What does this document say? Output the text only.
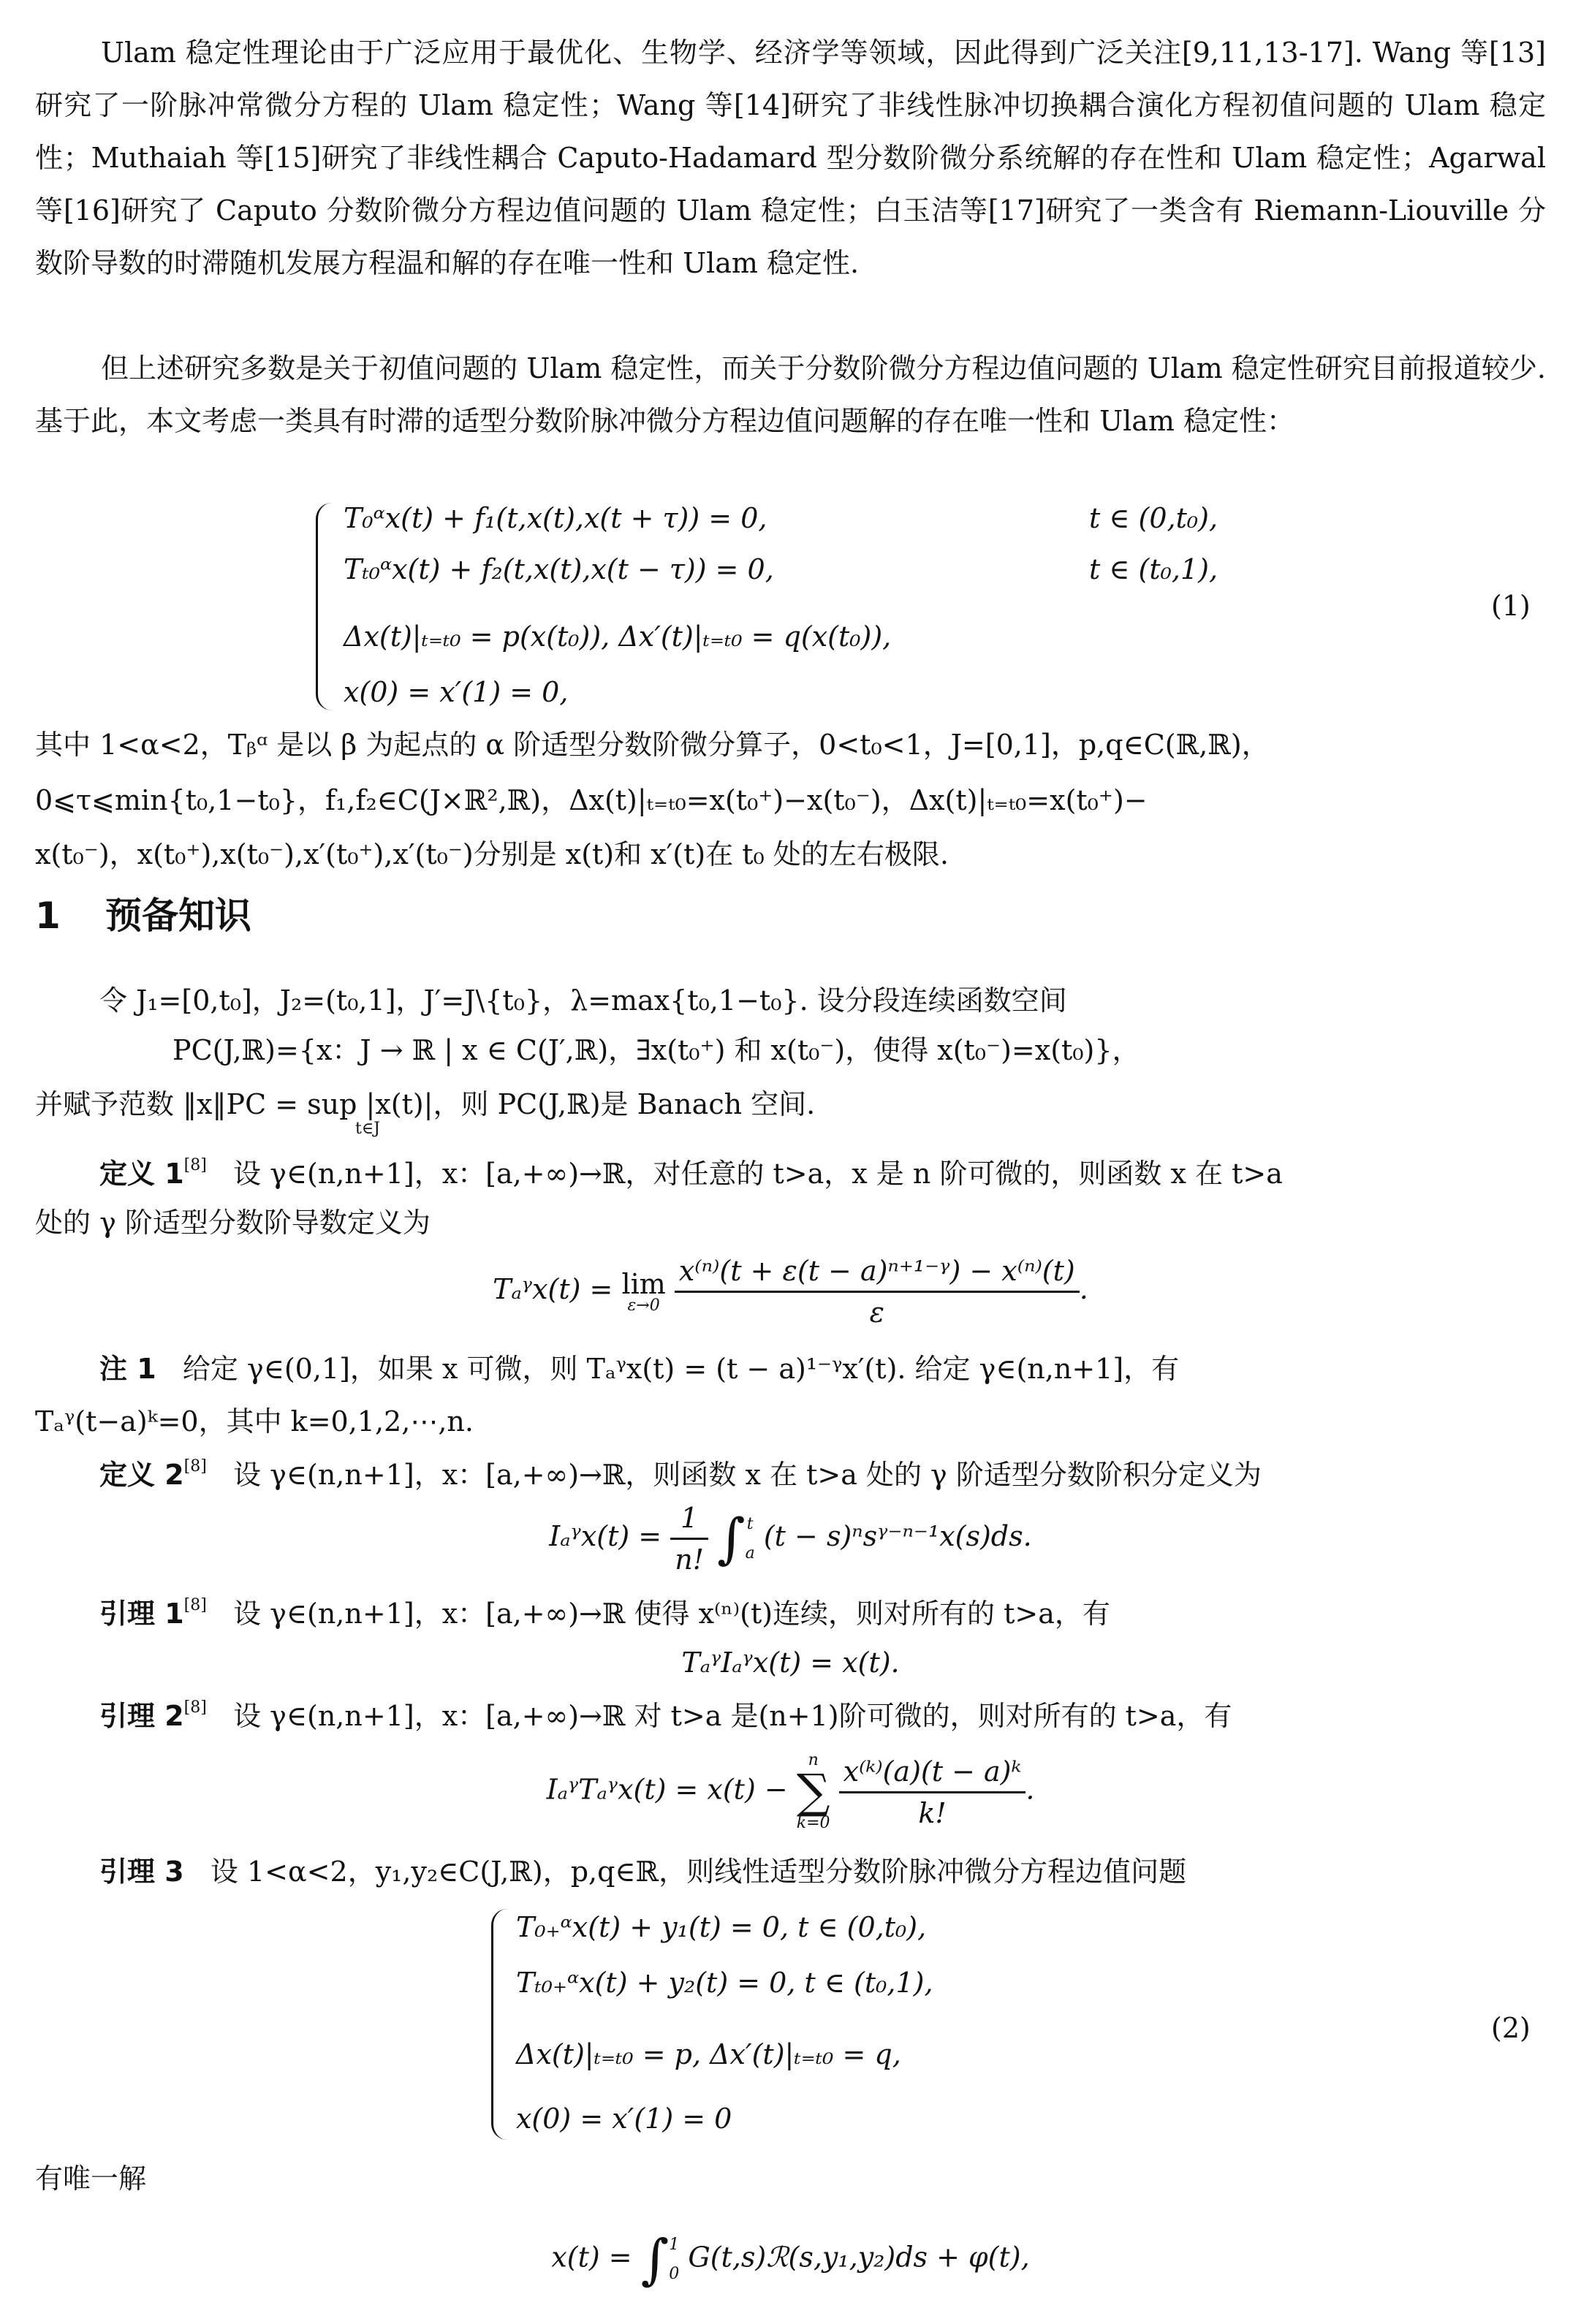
Ulam 稳定性理论由于广泛应用于最优化、生物学、经济学等领域，因此得到广泛关注[9,11,13-17]. Wang 等[13]研究了一阶脉冲常微分方程的 Ulam 稳定性；Wang 等[14]研究了非线性脉冲切换耦合演化方程初值问题的 Ulam 稳定性；Muthaiah 等[15]研究了非线性耦合 Caputo-Hadamard 型分数阶微分系统解的存在性和 Ulam 稳定性；Agarwal 等[16]研究了 Caputo 分数阶微分方程边值问题的 Ulam 稳定性；白玉洁等[17]研究了一类含有 Riemann-Liouville 分数阶导数的时滞随机发展方程温和解的存在唯一性和 Ulam 稳定性.

但上述研究多数是关于初值问题的 Ulam 稳定性，而关于分数阶微分方程边值问题的 Ulam 稳定性研究目前报道较少. 基于此，本文考虑一类具有时滞的适型分数阶脉冲微分方程边值问题解的存在唯一性和 Ulam 稳定性：

T₀ᵅx(t) + f₁(t,x(t),x(t + τ)) = 0,	t ∈ (0,t₀),
Tₜ₀ᵅx(t) + f₂(t,x(t),x(t − τ)) = 0,	t ∈ (t₀,1),
Δx(t)|ₜ₌ₜ₀ = p(x(t₀)), Δx′(t)|ₜ₌ₜ₀ = q(x(t₀)),
x(0) = x′(1) = 0,
(1)
其中 1<α<2，Tᵦᵅ 是以 β 为起点的 α 阶适型分数阶微分算子，0<t₀<1，J=[0,1]，p,q∈C(ℝ,ℝ)，
0⩽τ⩽min{t₀,1−t₀}，f₁,f₂∈C(J×ℝ²,ℝ)，Δx(t)|ₜ₌ₜ₀=x(t₀⁺)−x(t₀⁻)，Δx(t)|ₜ₌ₜ₀=x(t₀⁺)−
x(t₀⁻)，x(t₀⁺),x(t₀⁻),x′(t₀⁺),x′(t₀⁻)分别是 x(t)和 x′(t)在 t₀ 处的左右极限.
1 预备知识
令 J₁=[0,t₀]，J₂=(t₀,1]，J′=J\{t₀}，λ=max{t₀,1−t₀}. 设分段连续函数空间
PC(J,ℝ)={x：J → ℝ | x ∈ C(J′,ℝ)，∃x(t₀⁺) 和 x(t₀⁻)，使得 x(t₀⁻)=x(t₀)}，
并赋予范数 ‖x‖PC = sup |x(t)|，则 PC(J,ℝ)是 Banach 空间.
t∈J
定义 1[8] 设 γ∈(n,n+1]，x：[a,+∞)→ℝ，对任意的 t>a，x 是 n 阶可微的，则函数 x 在 t>a
处的 γ 阶适型分数阶导数定义为
Tₐᵞx(t) = lim
ε→0
$\frac{\text{x⁽ⁿ⁾(t + ε(t − a)ⁿ⁺¹⁻ᵞ) − x⁽ⁿ⁾(t)}}{\varepsilon}$ .
注 1 给定 γ∈(0,1]，如果 x 可微，则 Tₐᵞx(t) = (t − a)¹⁻ᵞx′(t). 给定 γ∈(n,n+1]，有
Tₐᵞ(t−a)ᵏ=0，其中 k=0,1,2,⋯,n.
定义 2[8] 设 γ∈(n,n+1]，x：[a,+∞)→ℝ，则函数 x 在 t>a 处的 γ 阶适型分数阶积分定义为
Iₐᵞx(t) = $\frac{1}{n!}$ ∫ t
a
(t − s)ⁿsᵞ⁻ⁿ⁻¹x(s)ds.
引理 1[8] 设 γ∈(n,n+1]，x：[a,+∞)→ℝ 使得 x⁽ⁿ⁾(t)连续，则对所有的 t>a，有
TₐᵞIₐᵞx(t) = x(t).
引理 2[8] 设 γ∈(n,n+1]，x：[a,+∞)→ℝ 对 t>a 是(n+1)阶可微的，则对所有的 t>a，有
IₐᵞTₐᵞx(t) = x(t) −
n
∑
k=0
$\frac{\text{x⁽ᵏ⁾(a)(t − a)ᵏ}}{k!}$ .
引理 3 设 1<α<2，y₁,y₂∈C(J,ℝ)，p,q∈ℝ，则线性适型分数阶脉冲微分方程边值问题
T₀₊ᵅx(t) + y₁(t) = 0, t ∈ (0,t₀),
Tₜ₀₊ᵅx(t) + y₂(t) = 0, t ∈ (t₀,1),
Δx(t)|ₜ₌ₜ₀ = p, Δx′(t)|ₜ₌ₜ₀ = q,
x(0) = x′(1) = 0
(2)
有唯一解
x(t) = ∫ 1
0
G(t,s)ℛ(s,y₁,y₂)ds + φ(t),
